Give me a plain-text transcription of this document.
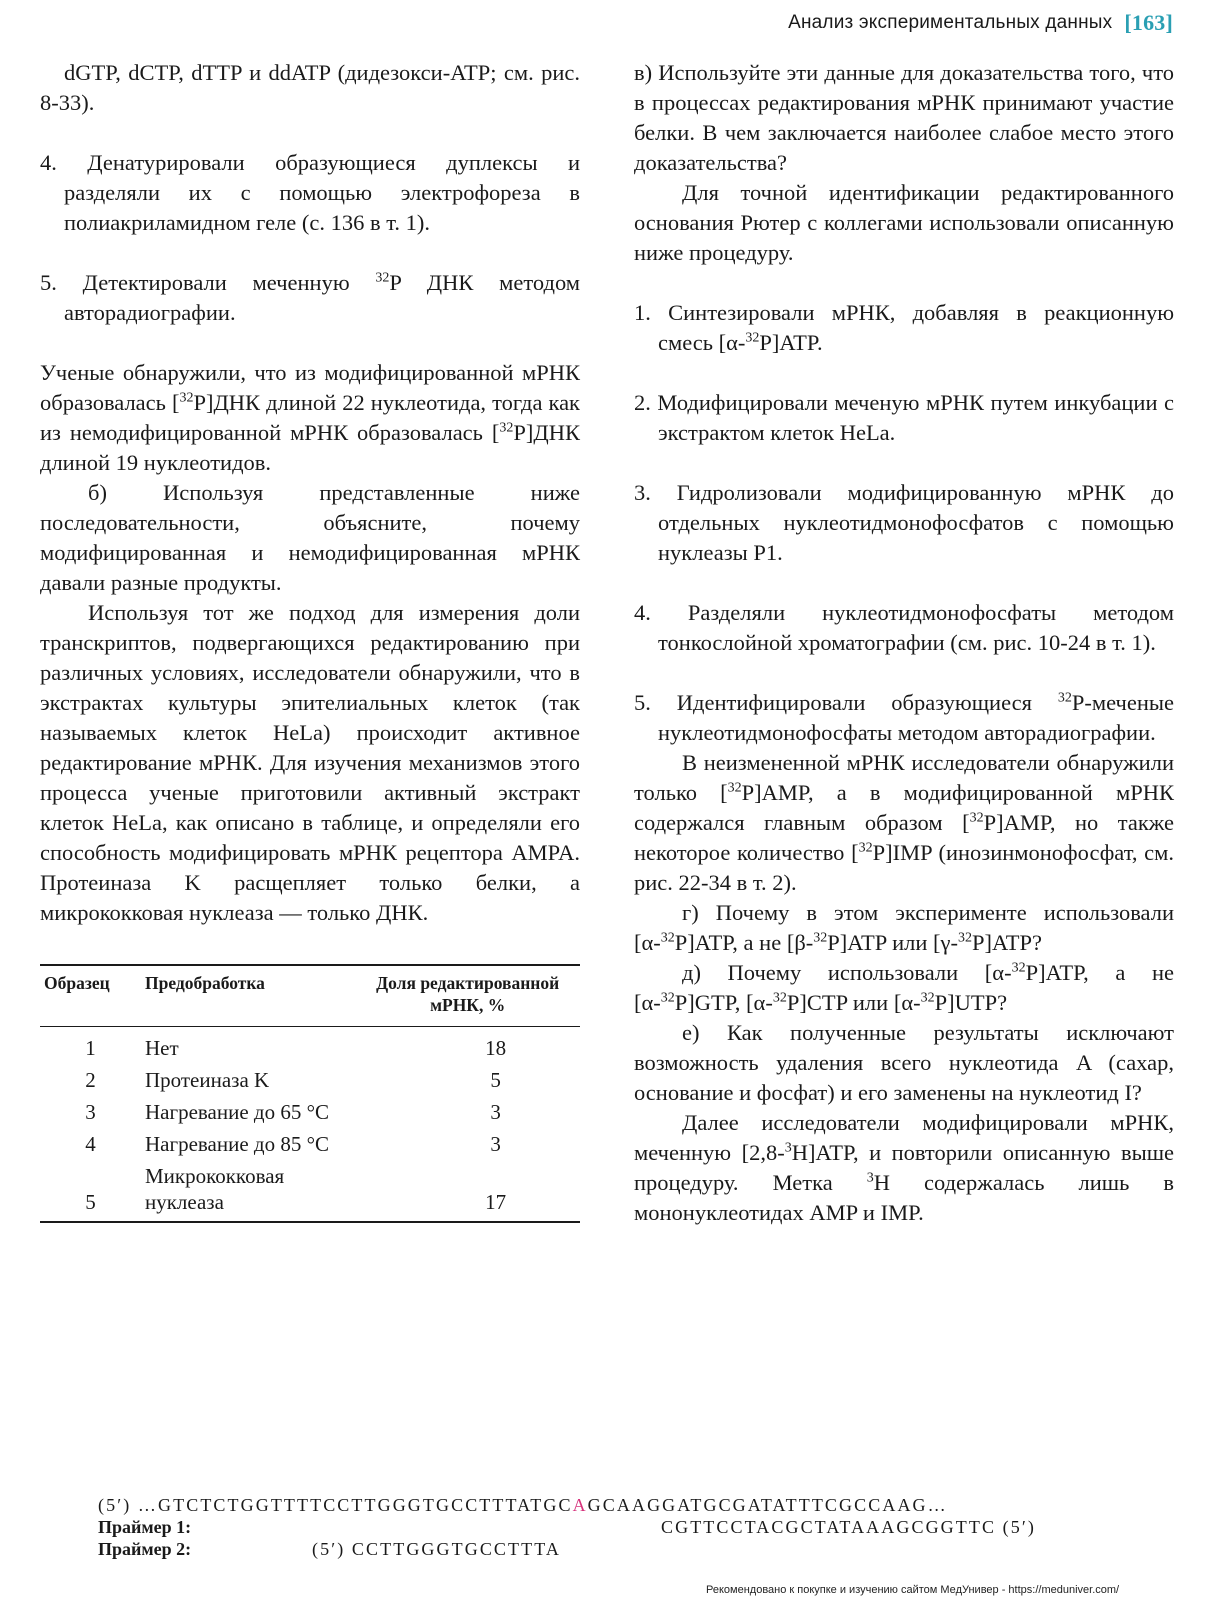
Анализ экспериментальных данных [163]

dGTP, dCTP, dTTP и ddATP (дидезокси-ATP; см. рис. 8-33).

4. Денатурировали образующиеся дуплексы и разделяли их с помощью электрофореза в полиакриламидном геле (с. 136 в т. 1).

5. Детектировали меченную $^{32}$P ДНК методом авторадиографии.

Ученые обнаружили, что из модифицированной мРНК образовалась [$^{32}$P]ДНК длиной 22 нуклеотида, тогда как из немодифицированной мРНК образовалась [$^{32}$P]ДНК длиной 19 нуклеотидов.

б) Используя представленные ниже последовательности, объясните, почему модифицированная и немодифицированная мРНК давали разные продукты.

Используя тот же подход для измерения доли транскриптов, подвергающихся редактированию при различных условиях, исследователи обнаружили, что в экстрактах культуры эпителиальных клеток (так называемых клеток HeLa) происходит активное редактирование мРНК. Для изучения механизмов этого процесса ученые приготовили активный экстракт клеток HeLa, как описано в таблице, и определяли его способность модифицировать мРНК рецептора AMPA. Протеиназа K расщепляет только белки, а микрококковая нуклеаза — только ДНК.

Образец	Предобработка	Доля редактированной мРНК, %
1	Нет	18
2	Протеиназа K	5
3	Нагревание до 65 °С	3
4	Нагревание до 85 °С	3
5	Микрококковая нуклеаза	17

в) Используйте эти данные для доказательства того, что в процессах редактирования мРНК принимают участие белки. В чем заключается наиболее слабое место этого доказательства?

Для точной идентификации редактированного основания Рютер с коллегами использовали описанную ниже процедуру.

1. Синтезировали мРНК, добавляя в реакционную смесь [α-$^{32}$P]ATP.

2. Модифицировали меченую мРНК путем инкубации с экстрактом клеток HeLa.

3. Гидролизовали модифицированную мРНК до отдельных нуклеотидмонофосфатов с помощью нуклеазы P1.

4. Разделяли нуклеотидмонофосфаты методом тонкослойной хроматографии (см. рис. 10-24 в т. 1).

5. Идентифицировали образующиеся $^{32}$P-меченые нуклеотидмонофосфаты методом авторадиографии.

В неизмененной мРНК исследователи обнаружили только [$^{32}$P]AMP, а в модифицированной мРНК содержался главным образом [$^{32}$P]AMP, но также некоторое количество [$^{32}$P]IMP (инозинмонофосфат, см. рис. 22-34 в т. 2).

г) Почему в этом эксперименте использовали [α-$^{32}$P]ATP, а не [β-$^{32}$P]ATP или [γ-$^{32}$P]ATP?

д) Почему использовали [α-$^{32}$P]ATP, а не [α-$^{32}$P]GTP, [α-$^{32}$P]CTP или [α-$^{32}$P]UTP?

е) Как полученные результаты исключают возможность удаления всего нуклеотида A (сахар, основание и фосфат) и его заменены на нуклеотид I?

Далее исследователи модифицировали мРНК, меченную [2,8-$^3$H]ATP, и повторили описанную выше процедуру. Метка $^3$H содержалась лишь в мононуклеотидах AMP и IMP.

(5′) …GTCTCTGGTTTTCCTTGGGTGCCTTTATGCAGCAAGGATGCGATATTTCGCCAAG…
Праймер 1:	CGTTCCTACGCTATAAAGCGGTTC (5′)
Праймер 2:	(5′) CCTTGGGTGCCTTTA
Рекомендовано к покупке и изучению сайтом МедУнивер - https://meduniver.com/
